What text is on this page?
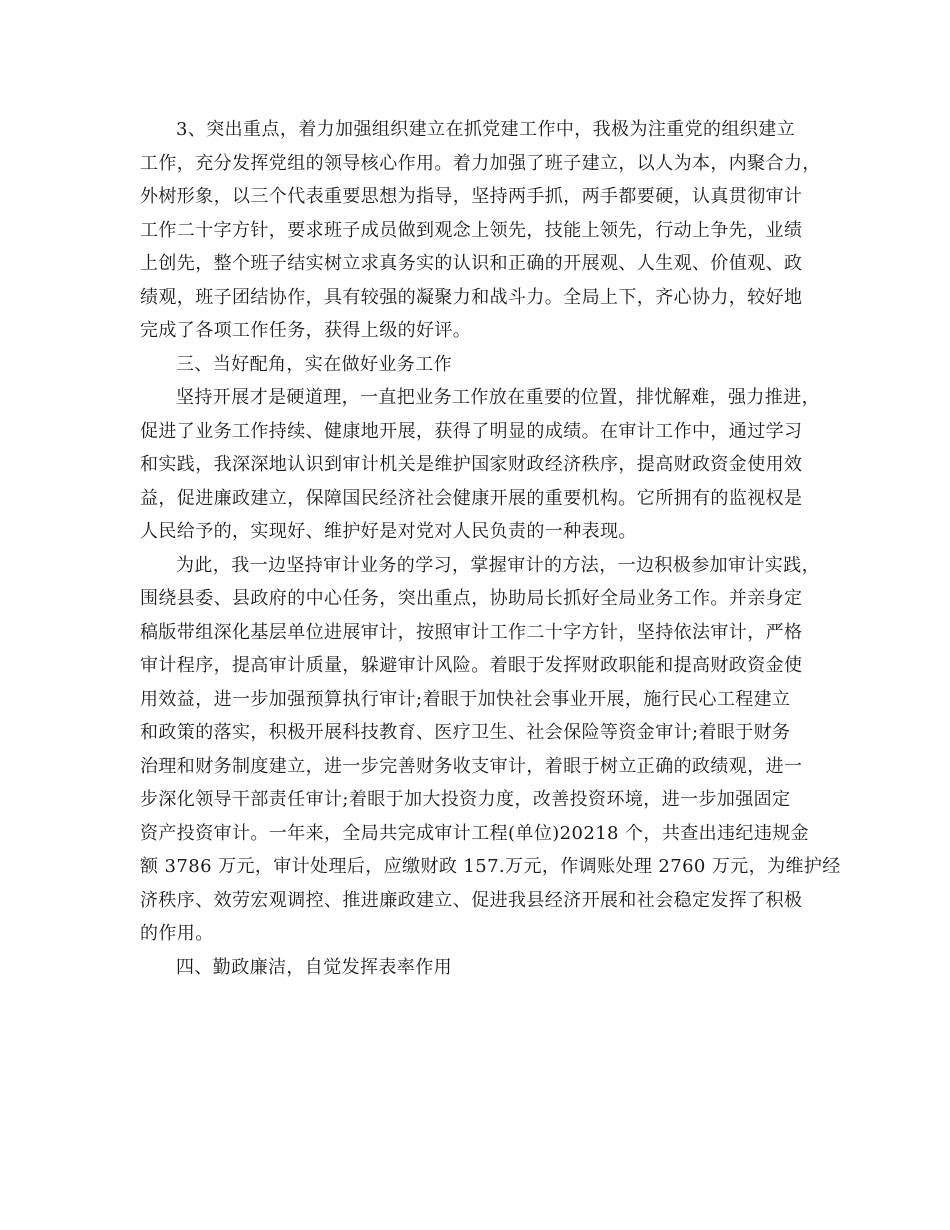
3、突出重点，着力加强组织建立在抓党建工作中，我极为注重党的组织建立
工作，充分发挥党组的领导核心作用。着力加强了班子建立，以人为本，内聚合力，
外树形象，以三个代表重要思想为指导，坚持两手抓，两手都要硬，认真贯彻审计
工作二十字方针，要求班子成员做到观念上领先，技能上领先，行动上争先，业绩
上创先，整个班子结实树立求真务实的认识和正确的开展观、人生观、价值观、政
绩观，班子团结协作，具有较强的凝聚力和战斗力。全局上下，齐心协力，较好地
完成了各项工作任务，获得上级的好评。
三、当好配角，实在做好业务工作
坚持开展才是硬道理，一直把业务工作放在重要的位置，排忧解难，强力推进，
促进了业务工作持续、健康地开展，获得了明显的成绩。在审计工作中，通过学习
和实践，我深深地认识到审计机关是维护国家财政经济秩序，提高财政资金使用效
益，促进廉政建立，保障国民经济社会健康开展的重要机构。它所拥有的监视权是
人民给予的，实现好、维护好是对党对人民负责的一种表现。
为此，我一边坚持审计业务的学习，掌握审计的方法，一边积极参加审计实践，
围绕县委、县政府的中心任务，突出重点，协助局长抓好全局业务工作。并亲身定
稿版带组深化基层单位进展审计，按照审计工作二十字方针，坚持依法审计，严格
审计程序，提高审计质量，躲避审计风险。着眼于发挥财政职能和提高财政资金使
用效益，进一步加强预算执行审计;着眼于加快社会事业开展，施行民心工程建立
和政策的落实，积极开展科技教育、医疗卫生、社会保险等资金审计;着眼于财务
治理和财务制度建立，进一步完善财务收支审计，着眼于树立正确的政绩观，进一
步深化领导干部责任审计;着眼于加大投资力度，改善投资环境，进一步加强固定
资产投资审计。一年来，全局共完成审计工程(单位)20218 个，共查出违纪违规金
额 3786 万元，审计处理后，应缴财政 157.万元，作调账处理 2760 万元，为维护经
济秩序、效劳宏观调控、推进廉政建立、促进我县经济开展和社会稳定发挥了积极
的作用。
四、勤政廉洁，自觉发挥表率作用
